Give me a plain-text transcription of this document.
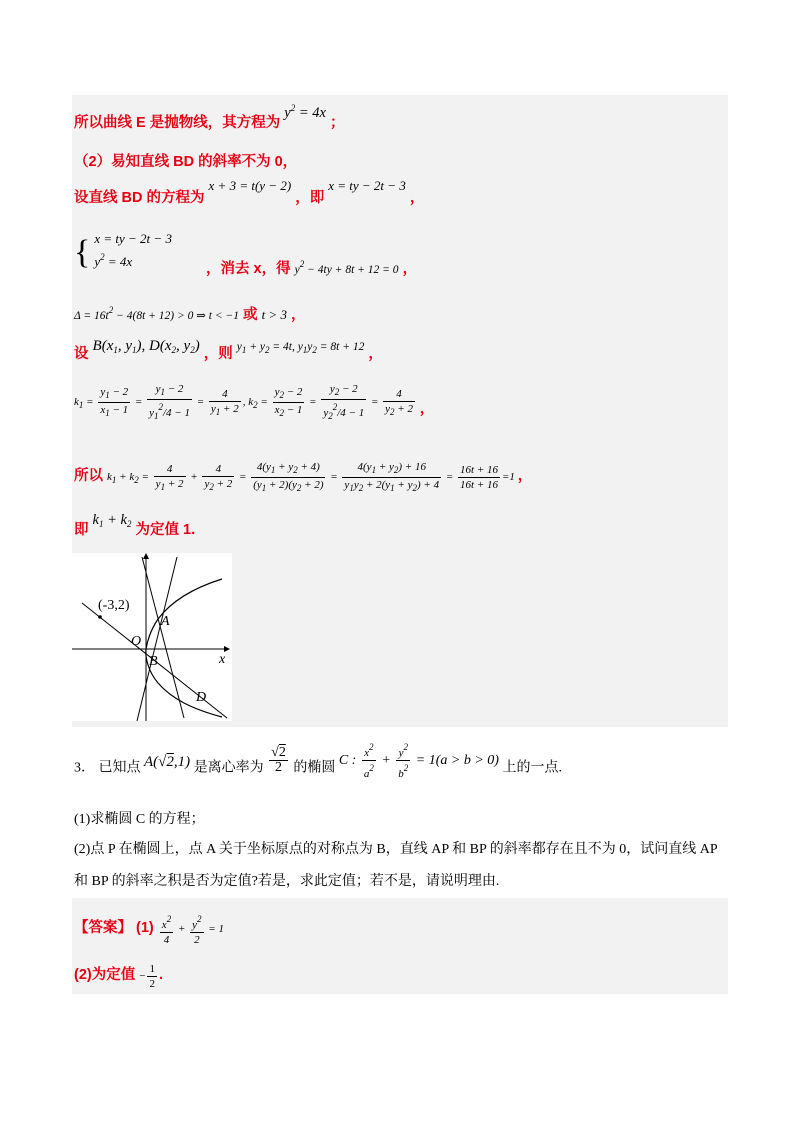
所以曲线 E 是抛物线，其方程为 $y^2 = 4x$ ；
（2）易知直线 BD 的斜率不为 0，
设直线 BD 的方程为 x + 3 = t(y − 2) ，即 x = ty − 2t − 3 ，
{ x = ty − 2t − 3
$y^2 = 4x$	，消去 x，得 $_{y^2 - 4ty + 8t + 12 = 0}$ ，
$\Delta = 16t^2 - 4(8t + 12) > 0$ ⇒ t < −1 或 t > 3 ，
设 $B(x_1$, $y_1$), $D(x_2$, $y_2$) ，则 $y_1 + y_2 = 4t$, $y_1y_2 = 8t + 12$ ，
$k_1 = \frac{y_1 - 2}{x_1 - 1} = \frac{y_1 - 2}{y_1^2/4 - 1} = \frac{4}{y_1 + 2}$ , $k_2 = \frac{y_2 - 2}{x_2 - 1} = \frac{y_2 - 2}{y_2^2/4 - 1} = \frac{4}{y_2 + 2}$ ，
所以 $k_1 + k_2 = \frac{4}{y_1 + 2} + \frac{4}{y_2 + 2} = \frac{4(y_1 + y_2 + 4)}{(y_1 + 2)(y_2 + 2)} = \frac{4(y_1 + y_2) + 16}{y_1y_2 + 2(y_1 + y_2) + 4} = \frac{16t + 16}{16t + 16} =1$ ，
即 $k_1 + k_2$ 为定值 1.
(-3,2)
O
A
B
D
x
3． 已知点 A(√2,1) 是离心率为 $\frac{√2}{2}$ 的椭圆 C : $\frac{x^2}{a^2} + \frac{y^2}{b^2} = 1(a > b > 0)$ 上的一点.
(1)求椭圆 C 的方程；
(2)点 P 在椭圆上，点 A 关于坐标原点的对称点为 B，直线 AP 和 BP 的斜率都存在且不为 0，试问直线 AP
和 BP 的斜率之积是否为定值?若是，求此定值；若不是，请说明理由.
【答案】 $(1) \frac{x^2}{4} + \frac{y^2}{2} = 1$
(2)为定值 − $\frac{1}{2}$ .
